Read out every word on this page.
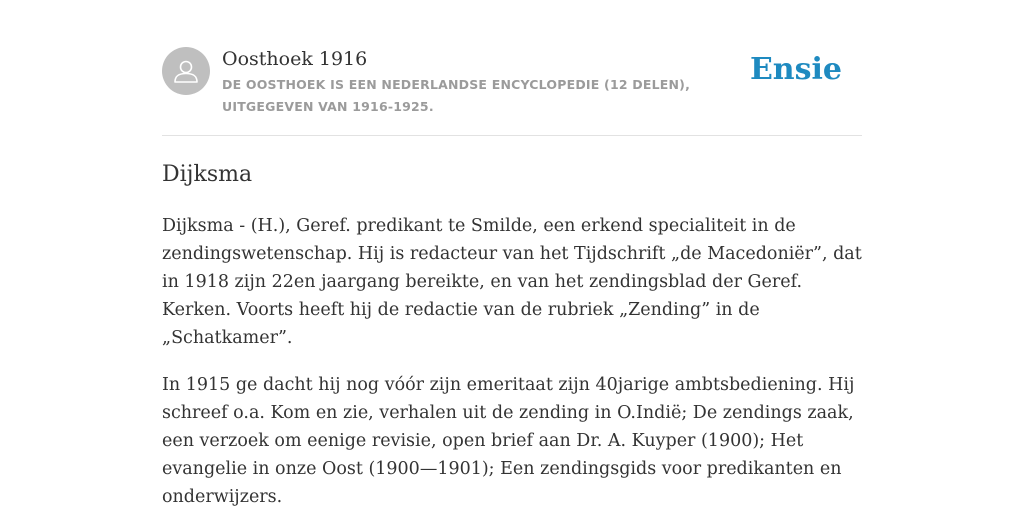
Oosthoek 1916
DE OOSTHOEK IS EEN NEDERLANDSE ENCYCLOPEDIE (12 DELEN), UITGEGEVEN VAN 1916-1925.
Ensie
Dijksma

Dijksma - (H.), Geref. predikant te Smilde, een erkend specialiteit in de zendingswetenschap. Hij is redacteur van het Tijdschrift „de Macedoniër”, dat in 1918 zijn 22en jaargang bereikte, en van het zendingsblad der Geref. Kerken. Voorts heeft hij de redactie van de rubriek „Zending” in de „Schatkamer”.

In 1915 ge dacht hij nog vóór zijn emeritaat zijn 40jarige ambtsbediening. Hij schreef o.a. Kom en zie, verhalen uit de zending in O.Indië; De zendings zaak, een verzoek om eenige revisie, open brief aan Dr. A. Kuyper (1900); Het evangelie in onze Oost (1900—1901); Een zendingsgids voor predikanten en onderwijzers.
